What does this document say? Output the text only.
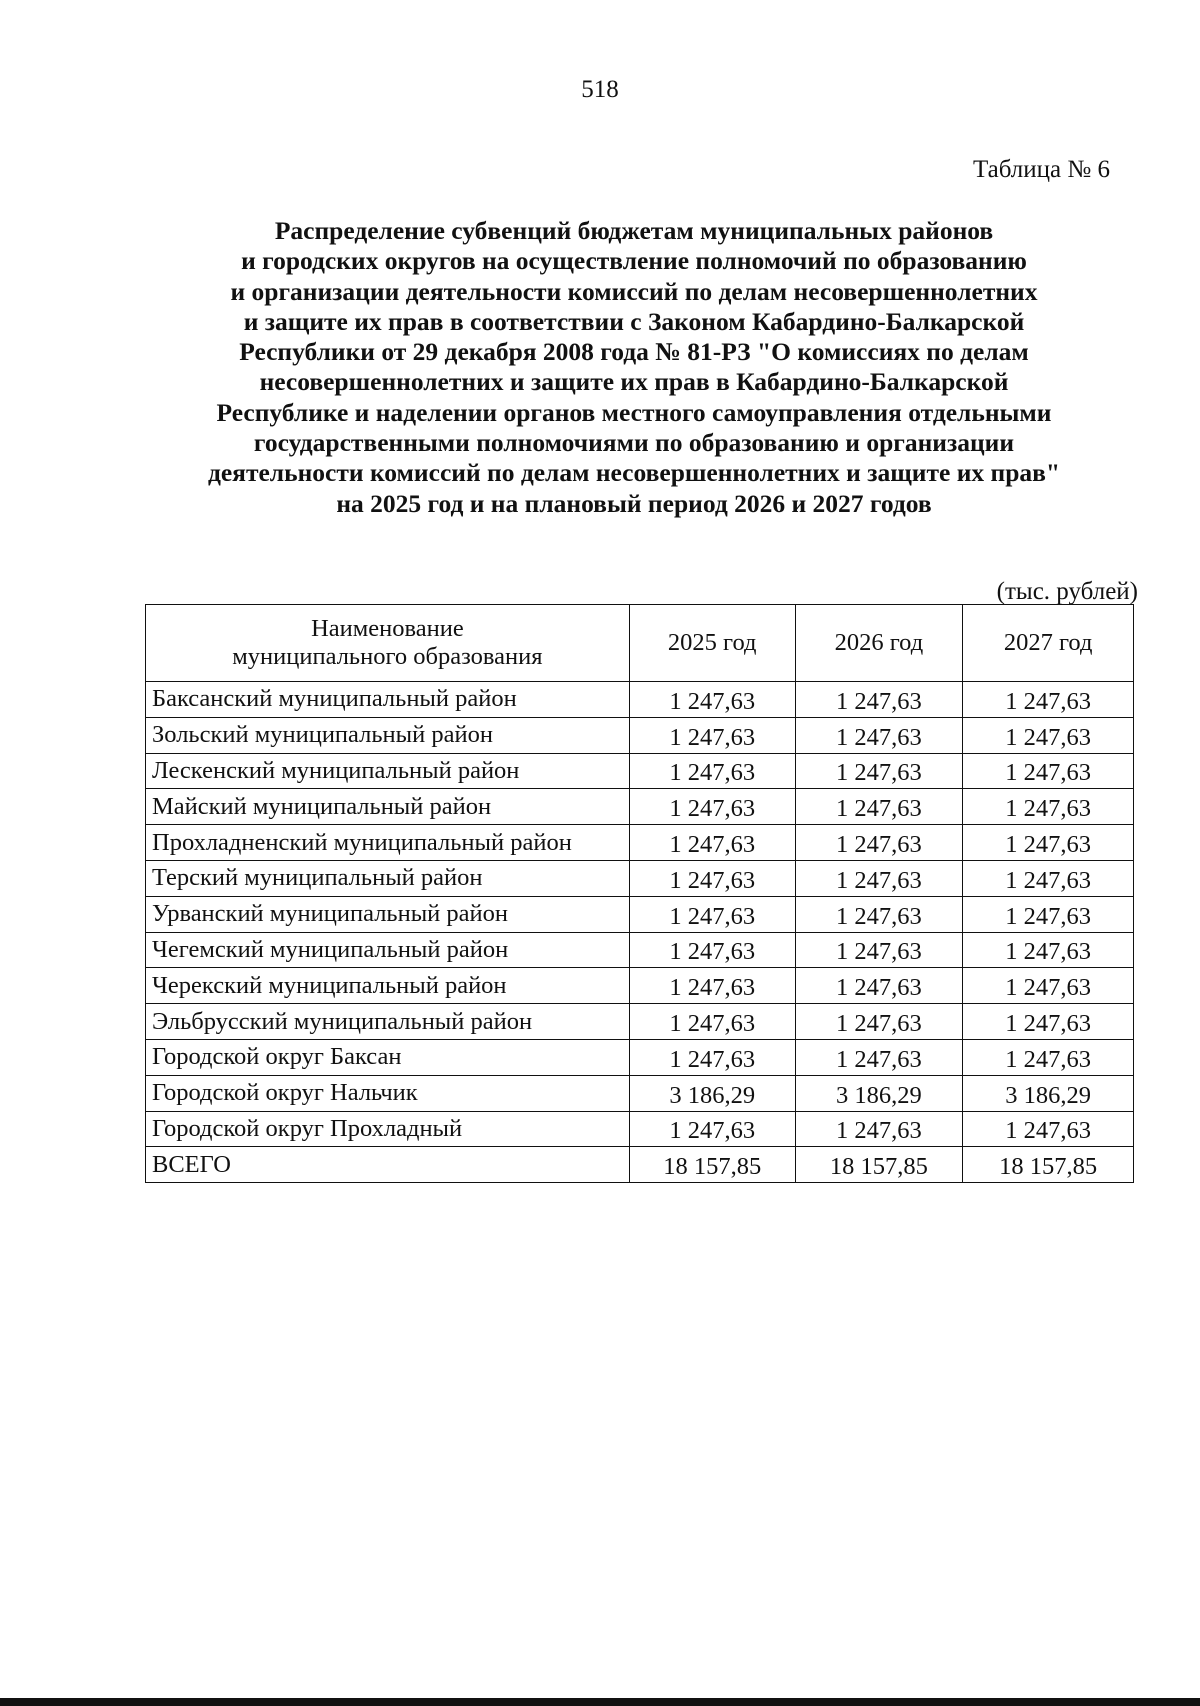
518
Таблица № 6
Распределение субвенций бюджетам муниципальных районов
и городских округов на осуществление полномочий по образованию
и организации деятельности комиссий по делам несовершеннолетних
и защите их прав в соответствии с Законом Кабардино-Балкарской
Республики от 29 декабря 2008 года № 81-РЗ "О комиссиях по делам
несовершеннолетних и защите их прав в Кабардино-Балкарской
Республике и наделении органов местного самоуправления отдельными
государственными полномочиями по образованию и организации
деятельности комиссий по делам несовершеннолетних и защите их прав"
на 2025 год и на плановый период 2026 и 2027 годов
(тыс. рублей)
Наименование
муниципального образования	2025 год	2026 год	2027 год
Баксанский муниципальный район	1 247,63	1 247,63	1 247,63
Зольский муниципальный район	1 247,63	1 247,63	1 247,63
Лескенский муниципальный район	1 247,63	1 247,63	1 247,63
Майский муниципальный район	1 247,63	1 247,63	1 247,63
Прохладненский муниципальный район	1 247,63	1 247,63	1 247,63
Терский муниципальный район	1 247,63	1 247,63	1 247,63
Урванский муниципальный район	1 247,63	1 247,63	1 247,63
Чегемский муниципальный район	1 247,63	1 247,63	1 247,63
Черекский муниципальный район	1 247,63	1 247,63	1 247,63
Эльбрусский муниципальный район	1 247,63	1 247,63	1 247,63
Городской округ Баксан	1 247,63	1 247,63	1 247,63
Городской округ Нальчик	3 186,29	3 186,29	3 186,29
Городской округ Прохладный	1 247,63	1 247,63	1 247,63
ВСЕГО	18 157,85	18 157,85	18 157,85
